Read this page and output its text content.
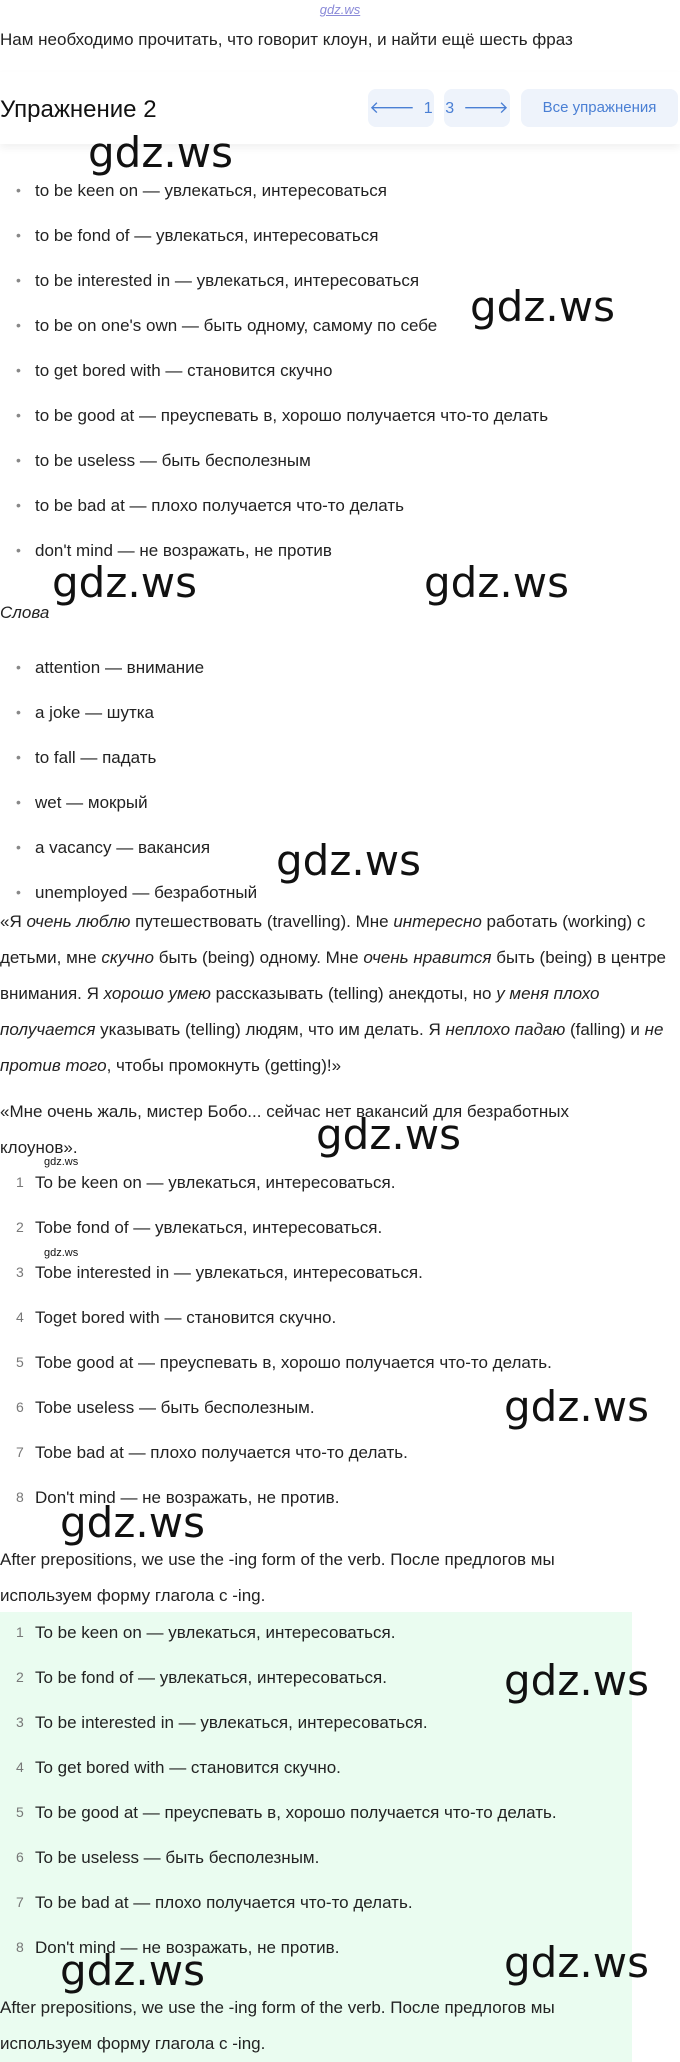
gdz.ws
Нам необходимо прочитать, что говорит клоун, и найти ещё шесть фраз
Упражнение 2	🡐 1 3 🡒	Все упражнения
• to be keen on — увлекаться, интересоваться
• to be fond of — увлекаться, интересоваться
• to be interested in — увлекаться, интересоваться
• to be on one's own — быть одному, самому по себе
• to get bored with — становится скучно
• to be good at — преуспевать в, хорошо получается что-то делать
• to be useless — быть бесполезным
• to be bad at — плохо получается что-то делать
• don't mind — не возражать, не против
Слова
• attention — внимание
• a joke — шутка
• to fall — падать
• wet — мокрый
• a vacancy — вакансия
• unemployed — безработный
«Я очень люблю путешествовать (travelling). Мне интересно работать (working) с детьми, мне скучно быть (being) одному. Мне очень нравится быть (being) в центре внимания. Я хорошо умею рассказывать (telling) анекдоты, но у меня плохо получается указывать (telling) людям, что им делать. Я неплохо падаю (falling) и не против того, чтобы промокнуть (getting)!»
«Мне очень жаль, мистер Бобо... сейчас нет вакансий для безработных клоунов».
1 To be keen on — увлекаться, интересоваться.
2 Tobe fond of — увлекаться, интересоваться.
3 Tobe interested in — увлекаться, интересоваться.
4 Toget bored with — становится скучно.
5 Tobe good at — преуспевать в, хорошо получается что-то делать.
6 Tobe useless — быть бесполезным.
7 Tobe bad at — плохо получается что-то делать.
8 Don't mind — не возражать, не против.
After prepositions, we use the -ing form of the verb. После предлогов мы используем форму глагола с -ing.
1 To be keen on — увлекаться, интересоваться.
2 To be fond of — увлекаться, интересоваться.
3 To be interested in — увлекаться, интересоваться.
4 To get bored with — становится скучно.
5 To be good at — преуспевать в, хорошо получается что-то делать.
6 To be useless — быть бесполезным.
7 To be bad at — плохо получается что-то делать.
8 Don't mind — не возражать, не против.
After prepositions, we use the -ing form of the verb. После предлогов мы используем форму глагола с -ing.
gdz.ws
gdz.ws
gdz.ws	gdz.ws
gdz.ws
gdz.ws
gdz.ws
gdz.ws
gdz.ws
gdz.ws
gdz.ws
gdz.ws
gdz.ws
